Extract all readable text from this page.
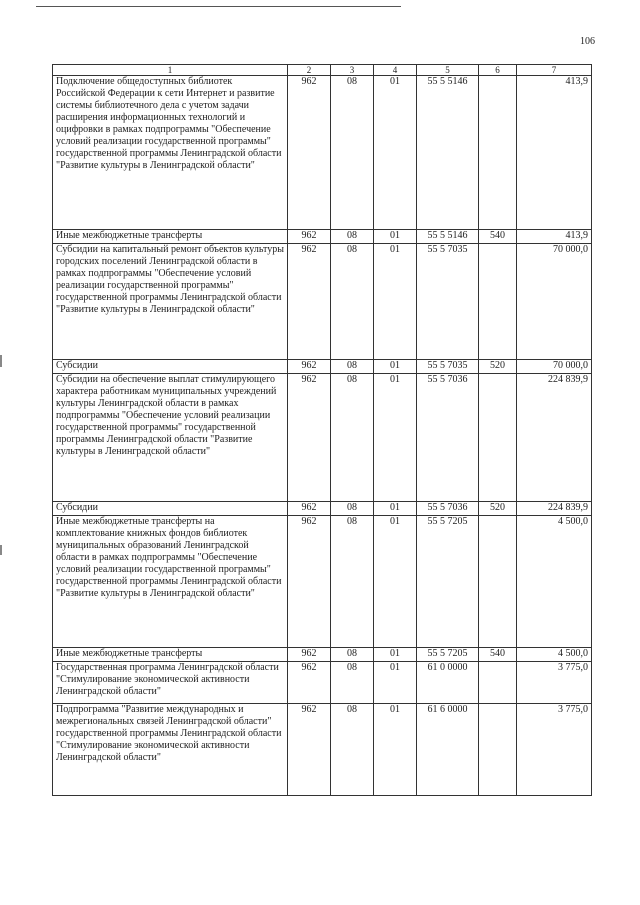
106
1	2	3	4	5	6	7
Подключение общедоступных библиотек Российской Федерации к сети Интернет и развитие системы библиотечного дела с учетом задачи расширения информационных технологий и оцифровки в рамках подпрограммы "Обеспечение условий реализации государственной программы" государственной программы Ленинградской области "Развитие культуры в Ленинградской области"	962	08	01	55 5 5146		413,9
Иные межбюджетные трансферты	962	08	01	55 5 5146	540	413,9
Субсидии на капитальный ремонт объектов культуры городских поселений Ленинградской области в рамках подпрограммы "Обеспечение условий реализации государственной программы" государственной программы Ленинградской области "Развитие культуры в Ленинградской области"	962	08	01	55 5 7035		70 000,0
Субсидии	962	08	01	55 5 7035	520	70 000,0
Субсидии на обеспечение выплат стимулирующего характера работникам муниципальных учреждений культуры Ленинградской области в рамках подпрограммы "Обеспечение условий реализации государственной программы" государственной программы Ленинградской области "Развитие культуры в Ленинградской области"	962	08	01	55 5 7036		224 839,9
Субсидии	962	08	01	55 5 7036	520	224 839,9
Иные межбюджетные трансферты на комплектование книжных фондов библиотек муниципальных образований Ленинградской области в рамках подпрограммы "Обеспечение условий реализации государственной программы" государственной программы Ленинградской области "Развитие культуры в Ленинградской области"	962	08	01	55 5 7205		4 500,0
Иные межбюджетные трансферты	962	08	01	55 5 7205	540	4 500,0
Государственная программа Ленинградской области "Стимулирование экономической активности Ленинградской области"	962	08	01	61 0 0000		3 775,0
Подпрограмма "Развитие международных и межрегиональных связей Ленинградской области" государственной программы Ленинградской области "Стимулирование экономической активности Ленинградской области"	962	08	01	61 6 0000		3 775,0
